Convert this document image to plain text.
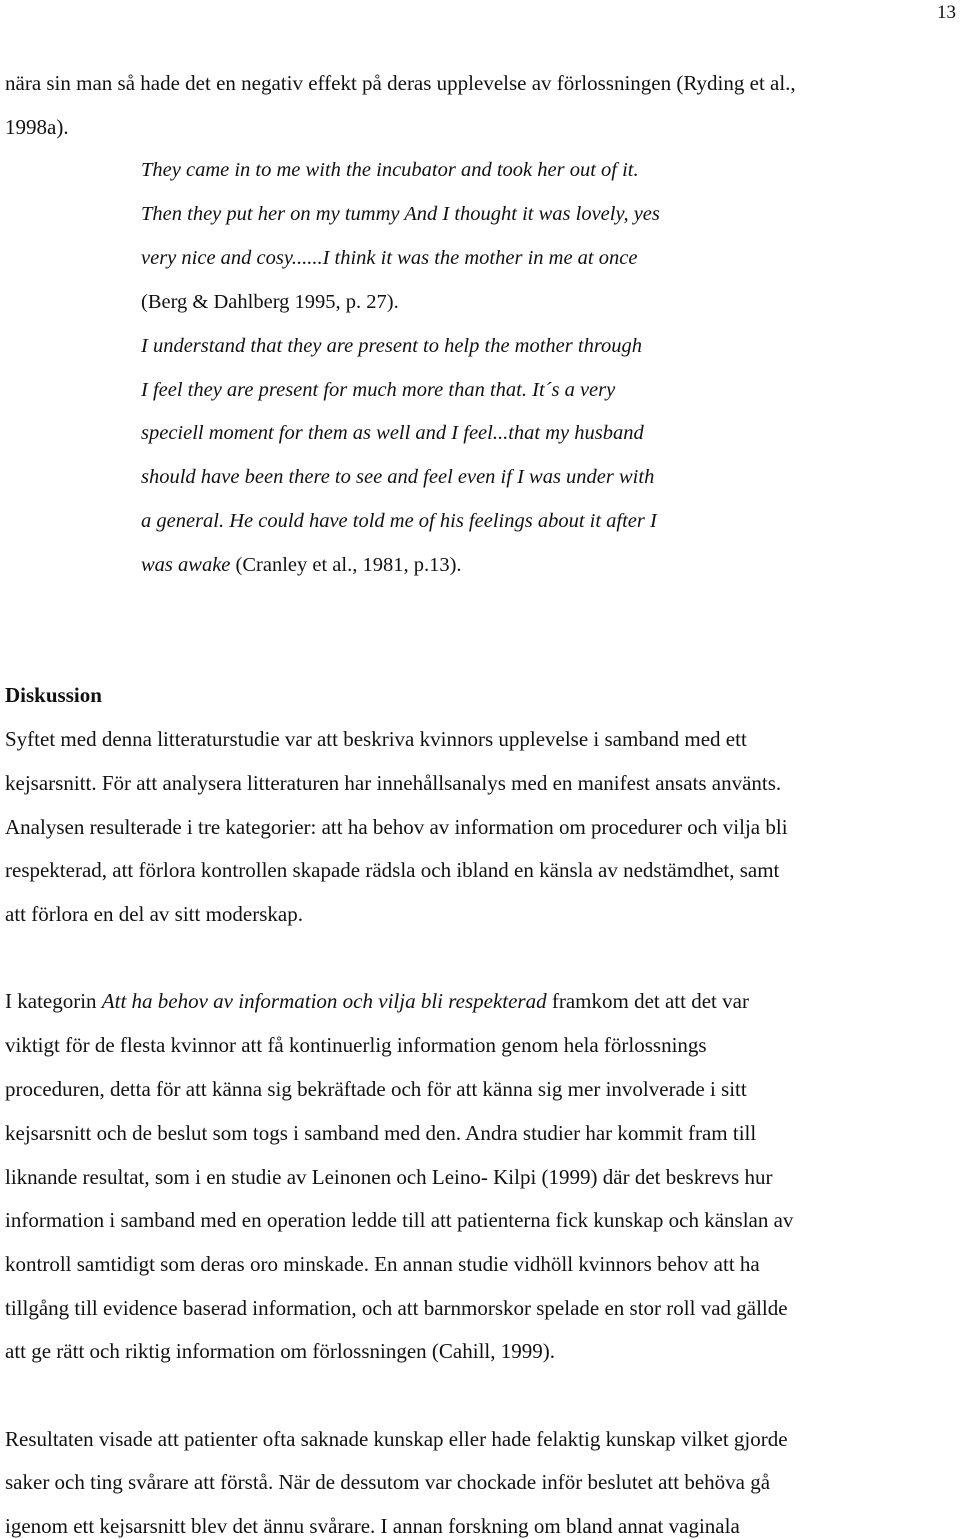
13

nära sin man så hade det en negativ effekt på deras upplevelse av förlossningen (Ryding et al.,

1998a).

They came in to me with the incubator and took her out of it.

Then they put her on my tummy And I thought it was lovely, yes

very nice and cosy......I think it was the mother in me at once

(Berg & Dahlberg 1995, p. 27).

I understand that they are present to help the mother through

I feel they are present for much more than that. It´s a very

speciell moment for them as well and I feel...that my husband

should have been there to see and feel even if I was under with

a general. He could have told me of his feelings about it after I

was awake (Cranley et al., 1981, p.13).

Diskussion

Syftet med denna litteraturstudie var att beskriva kvinnors upplevelse i samband med ett

kejsarsnitt. För att analysera litteraturen har innehållsanalys med en manifest ansats använts.

Analysen resulterade i tre kategorier: att ha behov av information om procedurer och vilja bli

respekterad, att förlora kontrollen skapade rädsla och ibland en känsla av nedstämdhet, samt

att förlora en del av sitt moderskap.

I kategorin Att ha behov av information och vilja bli respekterad framkom det att det var

viktigt för de flesta kvinnor att få kontinuerlig information genom hela förlossnings

proceduren, detta för att känna sig bekräftade och för att känna sig mer involverade i sitt

kejsarsnitt och de beslut som togs i samband med den. Andra studier har kommit fram till

liknande resultat, som i en studie av Leinonen och Leino- Kilpi (1999) där det beskrevs hur

information i samband med en operation ledde till att patienterna fick kunskap och känslan av

kontroll samtidigt som deras oro minskade. En annan studie vidhöll kvinnors behov att ha

tillgång till evidence baserad information, och att barnmorskor spelade en stor roll vad gällde

att ge rätt och riktig information om förlossningen (Cahill, 1999).

Resultaten visade att patienter ofta saknade kunskap eller hade felaktig kunskap vilket gjorde

saker och ting svårare att förstå. När de dessutom var chockade inför beslutet att behöva gå

igenom ett kejsarsnitt blev det ännu svårare. I annan forskning om bland annat vaginala
